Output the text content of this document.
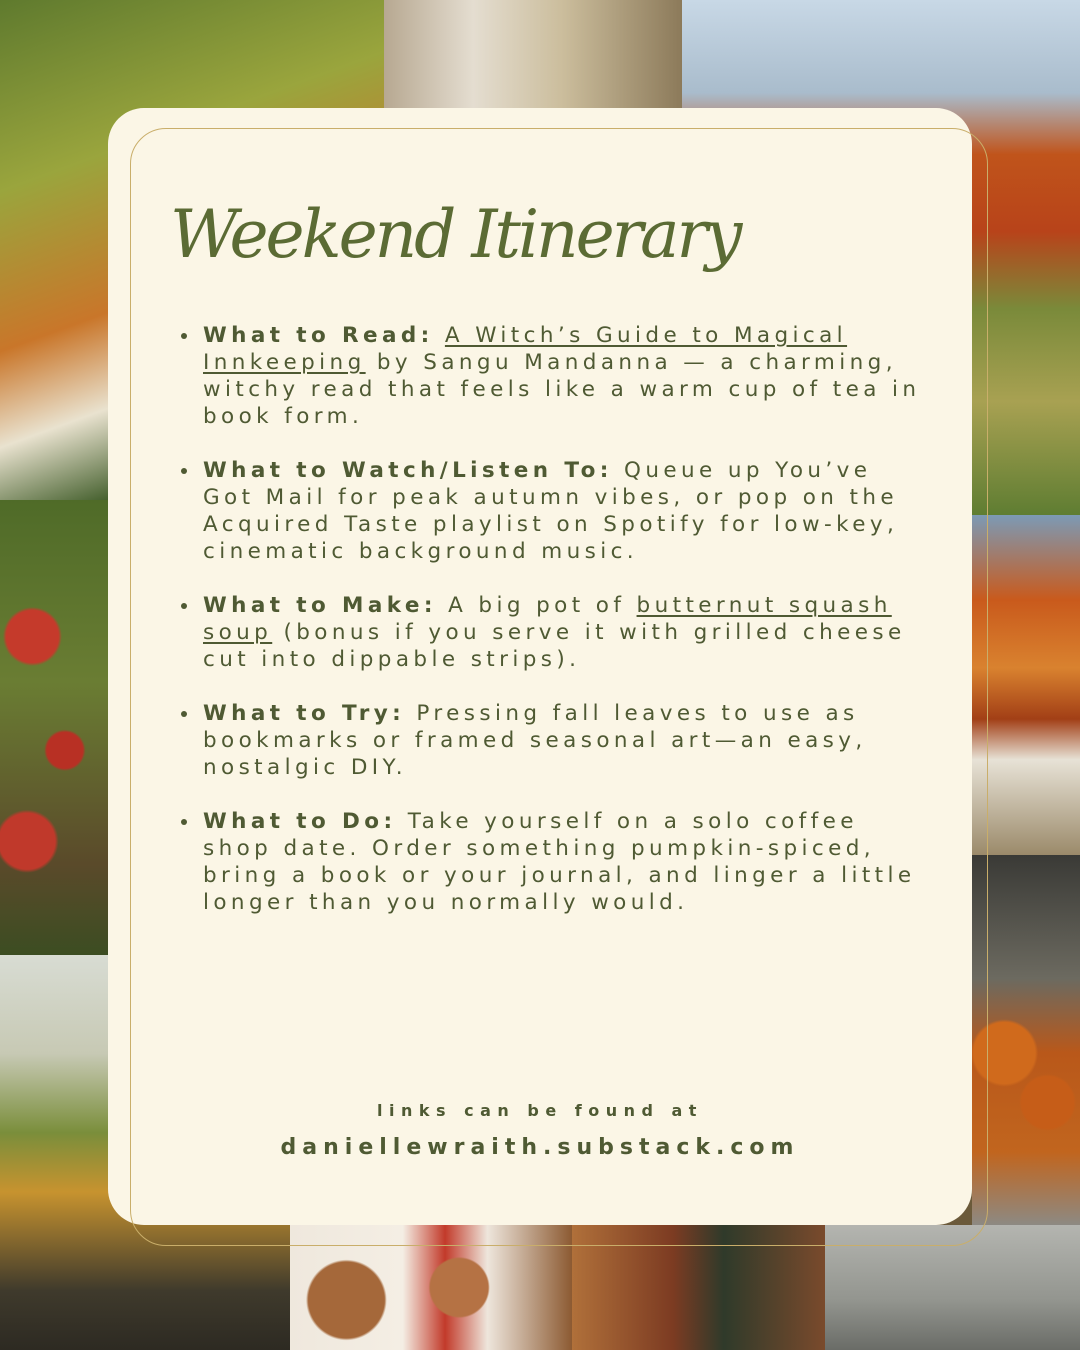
Weekend Itinerary
What to Read: A Witch’s Guide to Magical Innkeeping by Sangu Mandanna — a charming, witchy read that feels like a warm cup of tea in book form.
What to Watch/Listen To: Queue up You’ve Got Mail for peak autumn vibes, or pop on the Acquired Taste playlist on Spotify for low-key, cinematic background music.
What to Make: A big pot of butternut squash soup (bonus if you serve it with grilled cheese cut into dippable strips).
What to Try: Pressing fall leaves to use as bookmarks or framed seasonal art—an easy, nostalgic DIY.
What to Do: Take yourself on a solo coffee shop date. Order something pumpkin-spiced, bring a book or your journal, and linger a little longer than you normally would.
links can be found at
daniellewraith.substack.com
